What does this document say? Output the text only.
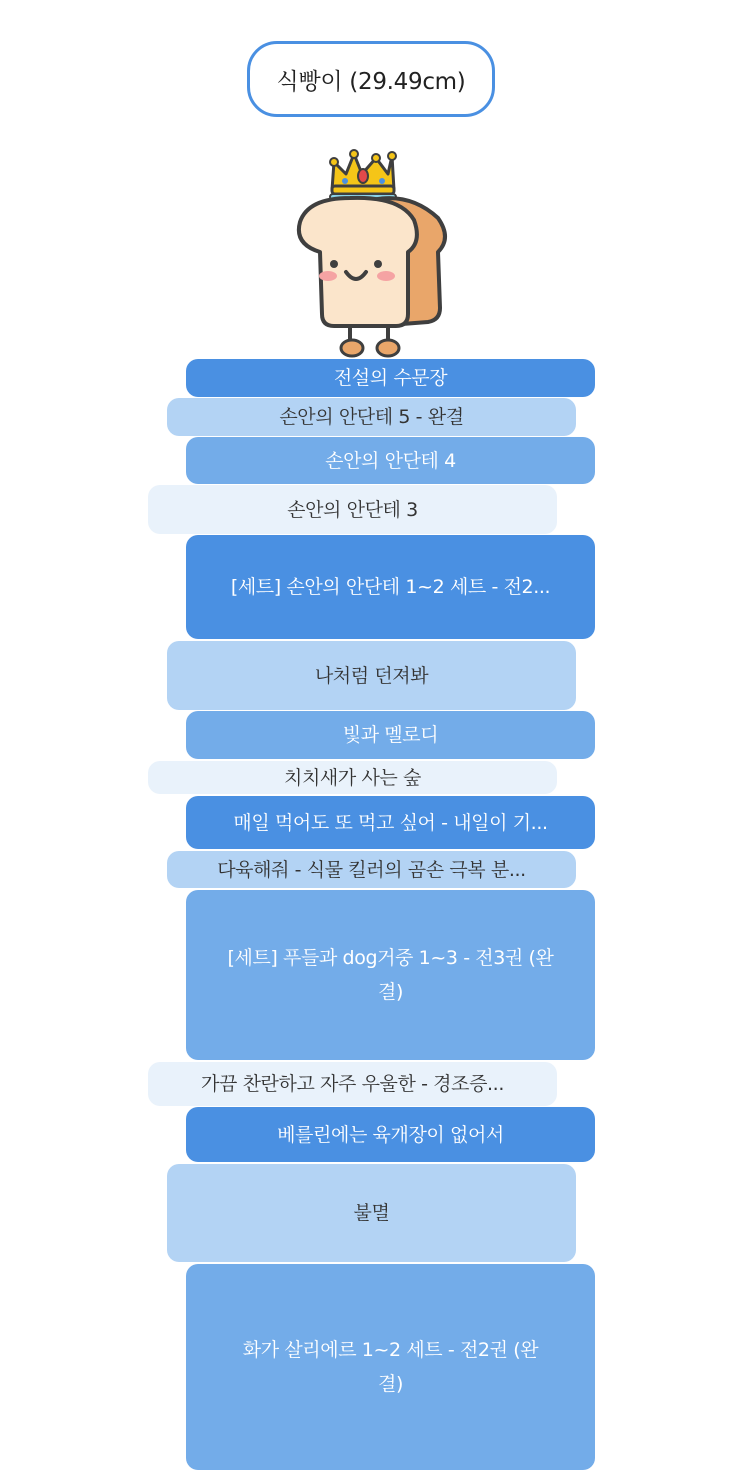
식빵이 (29.49cm)
전설의 수문장
손안의 안단테 5 - 완결
손안의 안단테 4
손안의 안단테 3
[세트] 손안의 안단테 1~2 세트 - 전2...
나처럼 던져봐
빛과 멜로디
치치새가 사는 숲
매일 먹어도 또 먹고 싶어 - 내일이 기...
다육해줘 - 식물 킬러의 곰손 극복 분...
[세트] 푸들과 dog거중 1~3 - 전3권 (완결)
가끔 찬란하고 자주 우울한 - 경조증...
베를린에는 육개장이 없어서
불멸
화가 살리에르 1~2 세트 - 전2권 (완결)
